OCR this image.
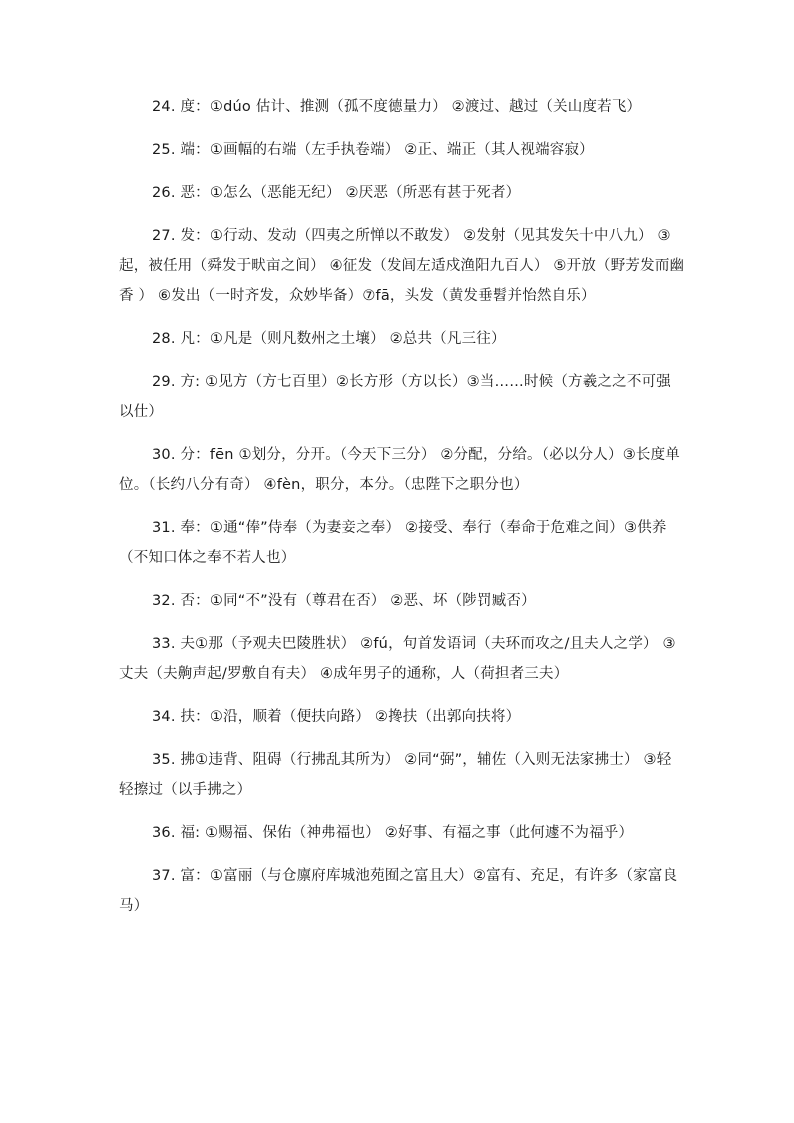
24. 度：①dúo 估计、推测（孤不度德量力） ②渡过、越过（关山度若飞）

25. 端：①画幅的右端（左手执卷端） ②正、端正（其人视端容寂）

26. 恶：①怎么（恶能无纪） ②厌恶（所恶有甚于死者）

27. 发：①行动、发动（四夷之所惮以不敢发） ②发射（见其发矢十中八九） ③起，被任用（舜发于畎亩之间） ④征发（发闾左适戍渔阳九百人） ⑤开放（野芳发而幽香 ） ⑥发出（一时齐发，众妙毕备）⑦fā，头发（黄发垂髫并怡然自乐）

28. 凡：①凡是（则凡数州之土壤） ②总共（凡三往）

29. 方: ①见方（方七百里）②长方形（方以长）③当……时候（方羲之之不可强以仕）

30. 分：fēn ①划分，分开。（今天下三分） ②分配，分给。（必以分人）③长度单位。（长约八分有奇） ④fèn，职分，本分。（忠陛下之职分也）

31. 奉：①通“俸”侍奉（为妻妾之奉） ②接受、奉行（奉命于危难之间）③供养（不知口体之奉不若人也）

32. 否：①同“不”没有（尊君在否） ②恶、坏（陟罚臧否）

33. 夫①那（予观夫巴陵胜状） ②fú，句首发语词（夫环而攻之/且夫人之学） ③丈夫（夫齁声起/罗敷自有夫） ④成年男子的通称，人（荷担者三夫）

34. 扶：①沿，顺着（便扶向路） ②搀扶（出郭向扶将）

35. 拂①违背、阻碍（行拂乱其所为） ②同“弼”，辅佐（入则无法家拂士） ③轻轻擦过（以手拂之）

36. 福: ①赐福、保佑（神弗福也） ②好事、有福之事（此何遽不为福乎）

37. 富：①富丽（与仓廪府库城池苑囿之富且大）②富有、充足，有许多（家富良马）
